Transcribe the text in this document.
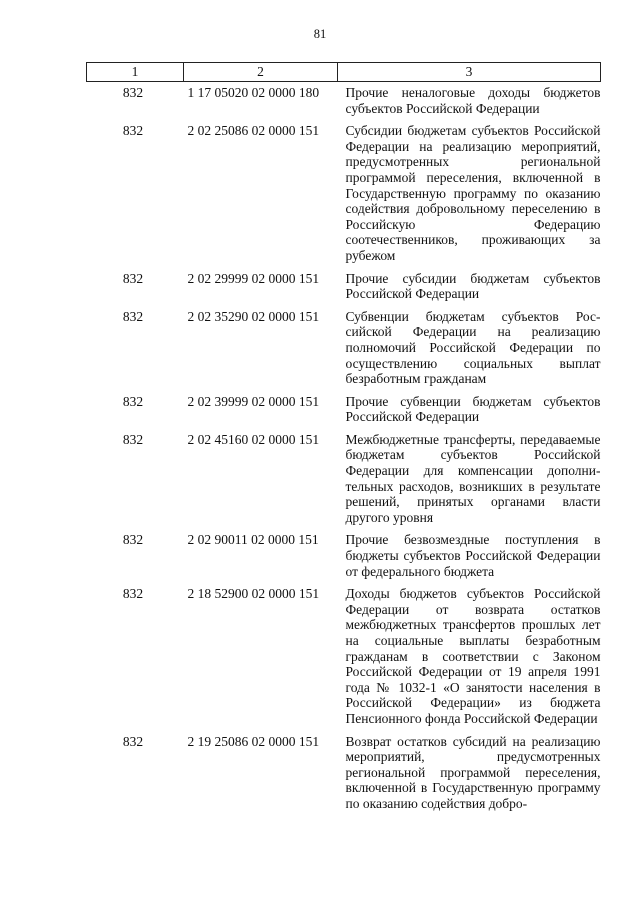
81
1	2	3
832	1 17 05020 02 0000 180	Прочие неналоговые доходы бюджетов субъектов Российской Федерации
832	2 02 25086 02 0000 151	Субсидии бюджетам субъектов Российской Федерации на реализацию мероприятий, предусмотренных региональной программой переселения, включенной в Государственную программу по оказанию содействия добровольному переселению в Российскую Федерацию соотечественников, проживающих за рубежом
832	2 02 29999 02 0000 151	Прочие субсидии бюджетам субъектов Российской Федерации
832	2 02 35290 02 0000 151	Субвенции бюджетам субъектов Российской Федерации на реализацию полномочий Российской Федерации по осуществлению социальных выплат безработным гражданам
832	2 02 39999 02 0000 151	Прочие субвенции бюджетам субъектов Российской Федерации
832	2 02 45160 02 0000 151	Межбюджетные трансферты, передаваемые бюджетам субъектов Российской Федерации для компенсации дополнительных расходов, возникших в результате решений, принятых органами власти другого уровня
832	2 02 90011 02 0000 151	Прочие безвозмездные поступления в бюджеты субъектов Российской Федерации от федерального бюджета
832	2 18 52900 02 0000 151	Доходы бюджетов субъектов Российской Федерации от возврата остатков межбюджетных трансфертов прошлых лет на социальные выплаты безработным гражданам в соответствии с Законом Российской Федерации от 19 апреля 1991 года № 1032-1 «О занятости населения в Российской Федерации» из бюджета Пенсионного фонда Российской Федерации
832	2 19 25086 02 0000 151	Возврат остатков субсидий на реализацию мероприятий, предусмотренных региональной программой переселения, включенной в Государственную программу по оказанию содействия добро-
